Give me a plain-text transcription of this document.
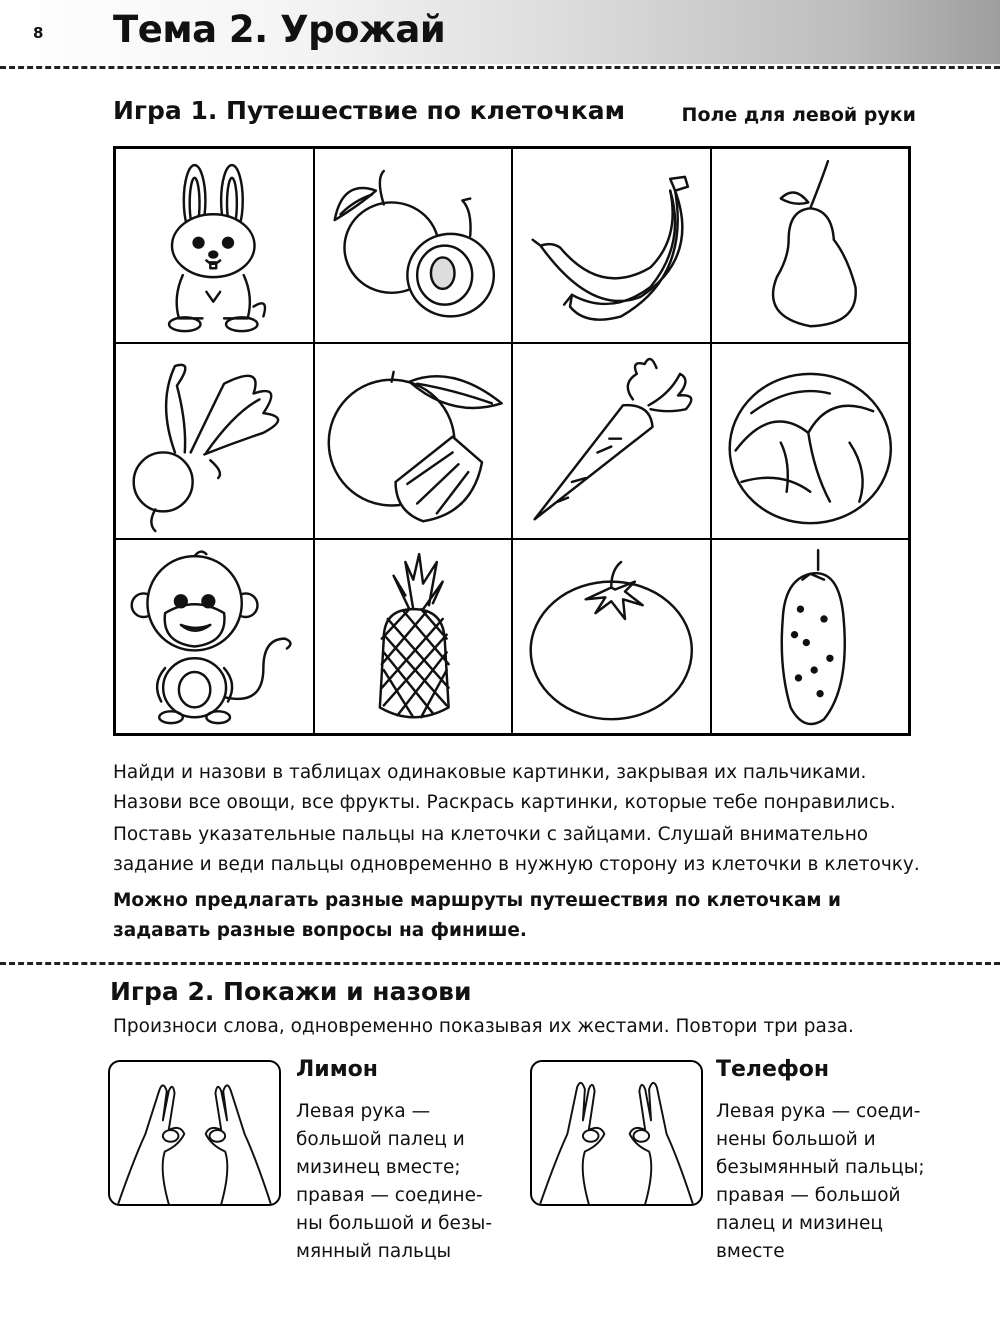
8 Тема 2. Урожай
Игра 1. Путешествие по клеточкам	Поле для левой руки
Найди и назови в таблицах одинаковые картинки, закрывая их пальчиками. Назови все овощи, все фрукты. Раскрась картинки, которые тебе понравились.
Поставь указательные пальцы на клеточки с зайцами. Слушай внимательно задание и веди пальцы одновременно в нужную сторону из клеточки в клеточку.
Можно предлагать разные маршруты путешествия по клеточкам и задавать разные вопросы на финише.
Игра 2. Покажи и назови
Произноси слова, одновременно показывая их жестами. Повтори три раза.
Лимон
Левая рука —
большой палец и
мизинец вместе;
правая — соедине-
ны большой и безы-
мянный пальцы
Телефон
Левая рука — соеди-
нены большой и
безымянный пальцы;
правая — большой
палец и мизинец
вместе
